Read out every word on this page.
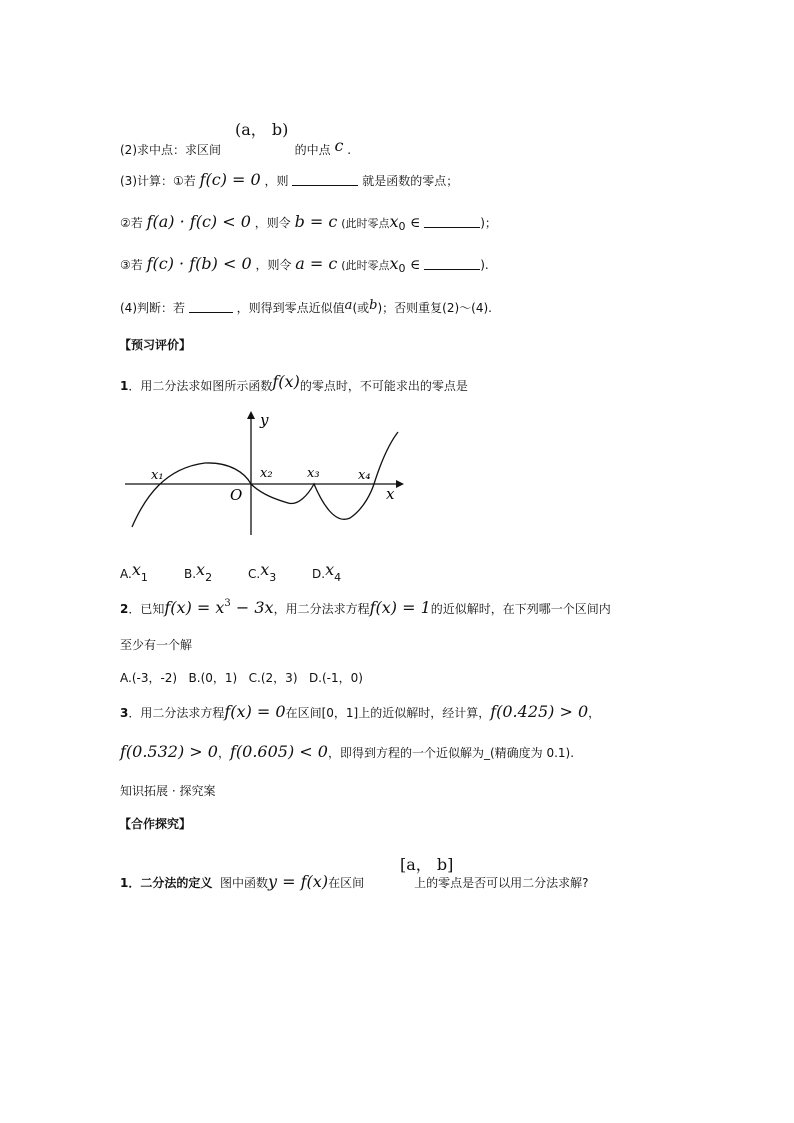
(a， b)
(2)求中点：求区间	的中点 c .
(3)计算：①若 f(c) = 0 ，则	就是函数的零点；
②若 f(a) · f(c) < 0 ，则令 b = c (此时零点x0 ∈	)；
③若 f(c) · f(b) < 0 ，则令 a = c (此时零点x0 ∈	).
(4)判断：若	，则得到零点近似值a(或b)；否则重复(2)～(4).
【预习评价】
1．用二分法求如图所示函数f(x)的零点时，不可能求出的零点是
y
x
O
x₁	x₂	x₃	x₄
A.x1	B.x2	C.x3	D.x4
2．已知$f(x) = x^3 - 3x$，用二分法求方程f(x) = 1的近似解时，在下列哪一个区间内
至少有一个解
A.(-3，-2)   B.(0，1)   C.(2，3)   D.(-1，0)
3．用二分法求方程f(x) = 0在区间[0，1]上的近似解时，经计算，f(0.425) > 0，
f(0.532) > 0，f(0.605) < 0，即得到方程的一个近似解为_(精确度为 0.1).
知识拓展 · 探究案
【合作探究】
[a， b]
1．二分法的定义  图中函数y = f(x)在区间	上的零点是否可以用二分法求解?
